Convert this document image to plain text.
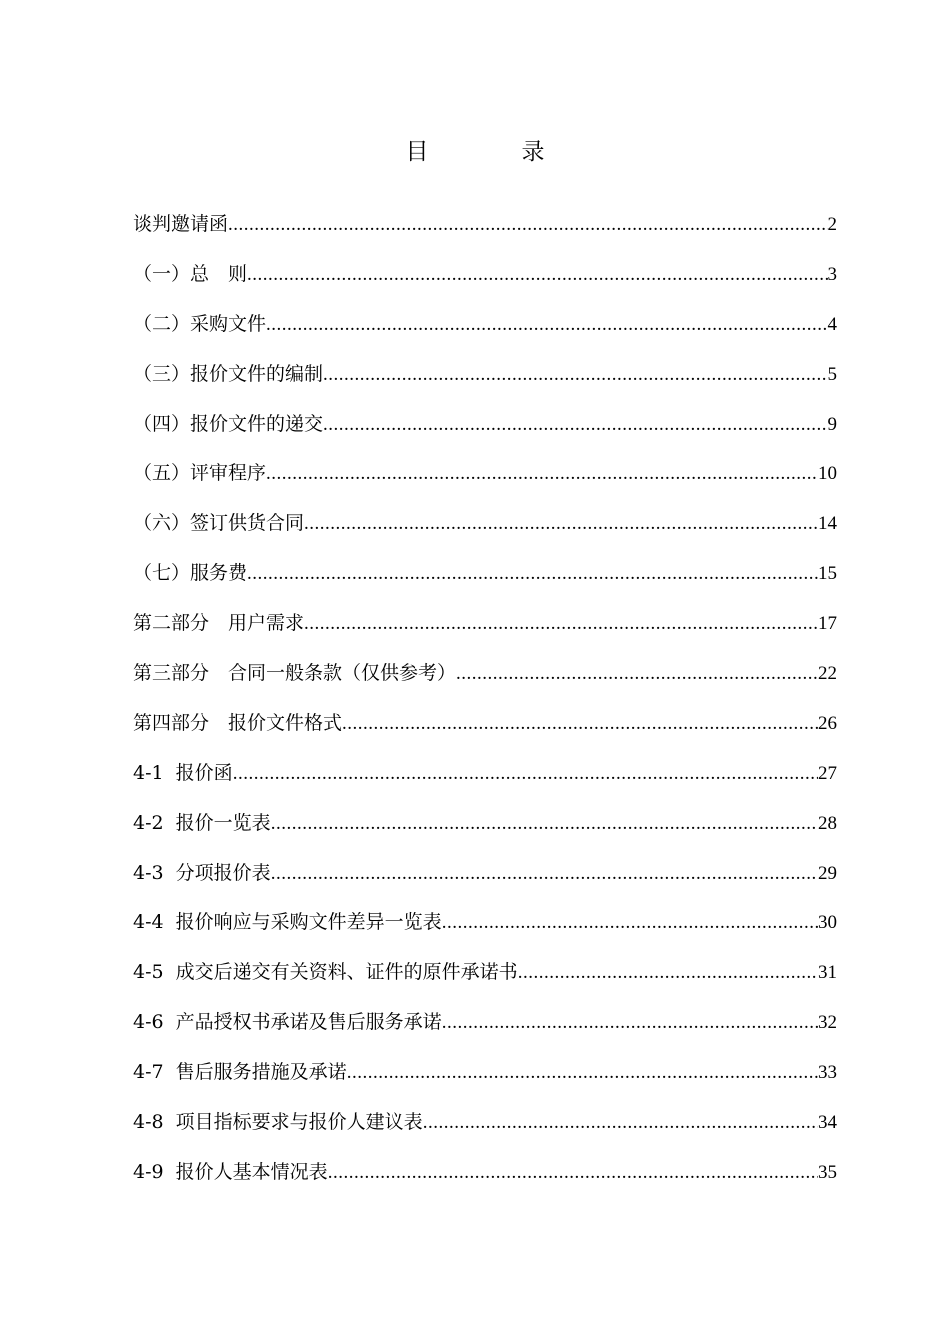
目　录
谈判邀请函 .....	2
（一）总　则 .....	3
（二）采购文件 .....	4
（三）报价文件的编制 .....	5
（四）报价文件的递交 .....	9
（五）评审程序 .....	10
（六）签订供货合同 .....	14
（七）服务费 .....	15
第二部分　用户需求 .....	17
第三部分　合同一般条款（仅供参考） .....	22
第四部分　报价文件格式 .....	26
4-1  报价函 .....	27
4-2  报价一览表 .....	28
4-3  分项报价表 .....	29
4-4  报价响应与采购文件差异一览表 .....	30
4-5  成交后递交有关资料、证件的原件承诺书 .....	31
4-6  产品授权书承诺及售后服务承诺 .....	32
4-7  售后服务措施及承诺 .....	33
4-8  项目指标要求与报价人建议表 .....	34
4-9  报价人基本情况表 .....	35
